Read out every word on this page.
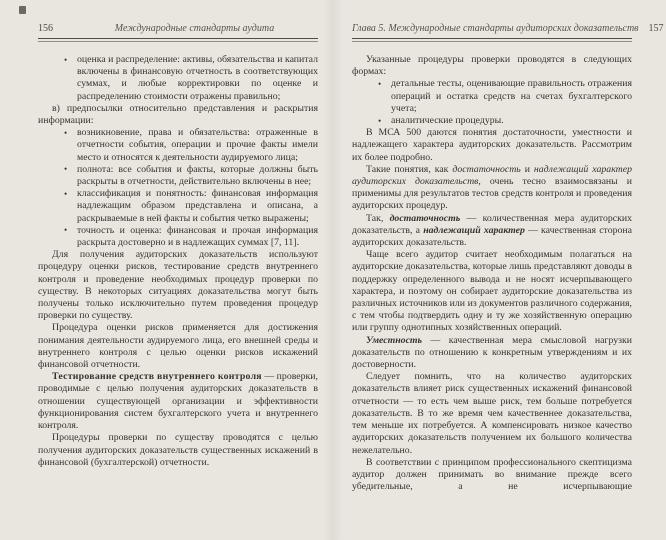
156	Международные стандарты аудита
• оценка и распределение: активы, обязательства и капитал включены в финансовую отчетность в соответствующих суммах, и любые корректировки по оценке и распределению стоимости отражены правильно;

в) предпосылки относительно представления и раскрытия информации:

• возникновение, права и обязательства: отраженные в отчетности события, операции и прочие факты имели место и относятся к деятельности аудируемого лица;
• полнота: все события и факты, которые должны быть раскрыты в отчетности, действительно включены в нее;
• классификация и понятность: финансовая информация надлежащим образом представлена и описана, а раскрываемые в ней факты и события четко выражены;
• точность и оценка: финансовая и прочая информация раскрыта достоверно и в надлежащих суммах [7, 11].

Для получения аудиторских доказательств используют процедуру оценки рисков, тестирование средств внутреннего контроля и проведение необходимых процедур проверки по существу. В некоторых ситуациях доказательства могут быть получены только исключительно путем проведения процедур проверки по существу.

Процедура оценки рисков применяется для достижения понимания деятельности аудируемого лица, его внешней среды и внутреннего контроля с целью оценки рисков искажений финансовой отчетности.

Тестирование средств внутреннего контроля — проверки, проводимые с целью получения аудиторских доказательств в отношении существующей организации и эффективности функционирования систем бухгалтерского учета и внутреннего контроля.

Процедуры проверки по существу проводятся с целью получения аудиторских доказательств существенных искажений в финансовой (бухгалтерской) отчетности.

Глава 5. Международные стандарты аудиторских доказательств	157

Указанные процедуры проверки проводятся в следующих формах:

• детальные тесты, оценивающие правильность отражения операций и остатка средств на счетах бухгалтерского учета;
• аналитические процедуры.

В МСА 500 даются понятия достаточности, уместности и надлежащего характера аудиторских доказательств. Рассмотрим их более подробно.

Такие понятия, как достаточность и надлежащий характер аудиторских доказательств, очень тесно взаимосвязаны и применимы для результатов тестов средств контроля и проведения аудиторских процедур.

Так, достаточность — количественная мера аудиторских доказательств, а надлежащий характер — качественная сторона аудиторских доказательств.

Чаще всего аудитор считает необходимым полагаться на аудиторские доказательства, которые лишь представляют доводы в поддержку определенного вывода и не носят исчерпывающего характера, и поэтому он собирает аудиторские доказательства из различных источников или из документов различного содержания, с тем чтобы подтвердить одну и ту же хозяйственную операцию или группу однотипных хозяйственных операций.

Уместность — качественная мера смысловой нагрузки доказательств по отношению к конкретным утверждениям и их достоверности.

Следует помнить, что на количество аудиторских доказательств влияет риск существенных искажений финансовой отчетности — то есть чем выше риск, тем больше потребуется доказательств. В то же время чем качественнее доказательства, тем меньше их потребуется. А компенсировать низкое качество аудиторских доказательств получением их большого количества нежелательно.

В соответствии с принципом профессионального скептицизма аудитор должен принимать во внимание прежде всего убедительные, а не исчерпывающие
